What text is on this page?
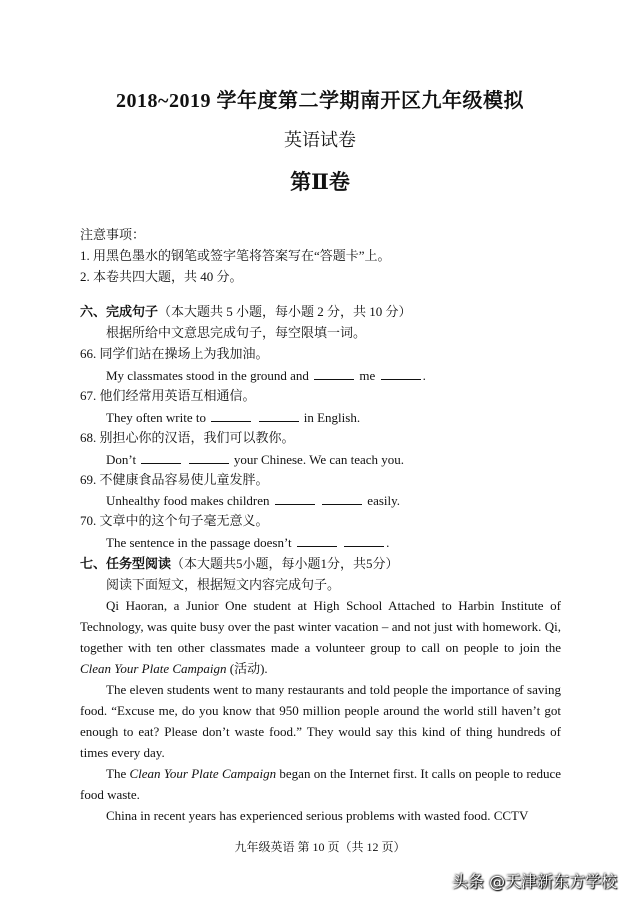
2018~2019 学年度第二学期南开区九年级模拟
英语试卷
第Ⅱ卷
注意事项：
1. 用黑色墨水的钢笔或签字笔将答案写在“答题卡”上。
2. 本卷共四大题，共 40 分。
六、完成句子（本大题共 5 小题，每小题 2 分，共 10 分）
根据所给中文意思完成句子，每空限填一词。
66. 同学们站在操场上为我加油。
My classmates stood in the ground and	me	.
67. 他们经常用英语互相通信。
They often write to	in English.
68. 别担心你的汉语，我们可以教你。
Don’t	your Chinese. We can teach you.
69. 不健康食品容易使儿童发胖。
Unhealthy food makes children	easily.
70. 文章中的这个句子毫无意义。
The sentence in the passage doesn’t	.
七、任务型阅读（本大题共5小题，每小题1分，共5分）
阅读下面短文，根据短文内容完成句子。

Qi Haoran, a Junior One student at High School Attached to Harbin Institute of Technology, was quite busy over the past winter vacation – and not just with homework. Qi, together with ten other classmates made a volunteer group to call on people to join the Clean Your Plate Campaign (活动).

The eleven students went to many restaurants and told people the importance of saving food. “Excuse me, do you know that 950 million people around the world still haven’t got enough to eat? Please don’t waste food.” They would say this kind of thing hundreds of times every day.

The Clean Your Plate Campaign began on the Internet first. It calls on people to reduce food waste.

China in recent years has experienced serious problems with wasted food. CCTV

九年级英语 第 10 页（共 12 页）
头条 @天津新东方学校
